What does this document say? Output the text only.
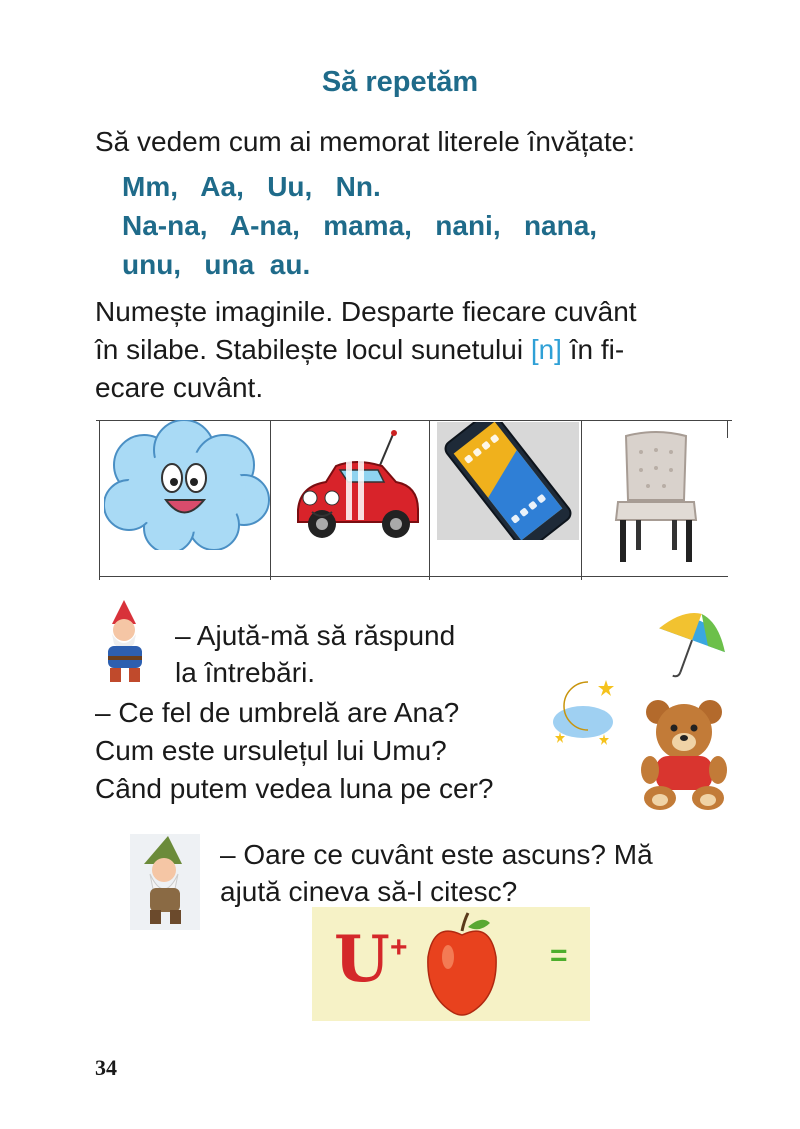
Să repetăm
Să vedem cum ai memorat literele învățate:
Mm,   Aa,   Uu,   Nn.
Na-na,   A-na,   mama,   nani,   nana,
unu,   una  au.
Numește imaginile. Desparte fiecare cuvânt
în silabe. Stabilește locul sunetului [n] în fi-
ecare cuvânt.
– Ajută-mă să răspund
la întrebări.
– Ce fel de umbrelă are Ana?
Cum este ursulețul lui Umu?
Când putem vedea luna pe cer?
– Oare ce cuvânt este ascuns? Mă
ajută cineva să-l citesc?
U +	=
34
